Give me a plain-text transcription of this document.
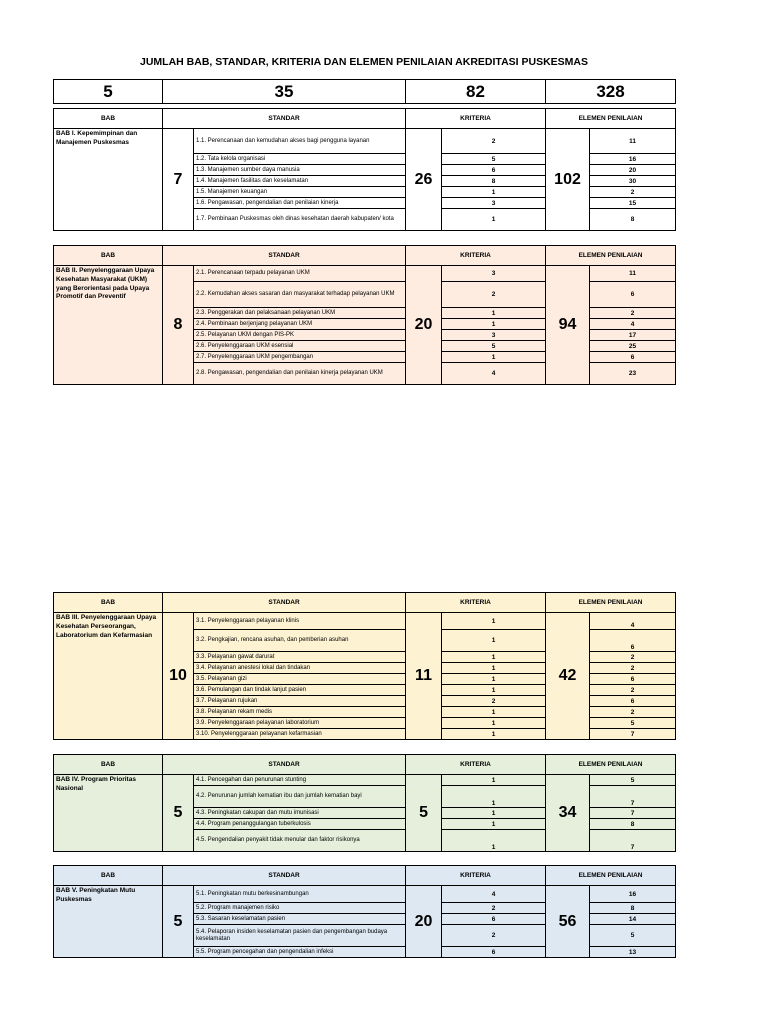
JUMLAH BAB, STANDAR, KRITERIA DAN ELEMEN PENILAIAN AKREDITASI PUSKESMAS
5	35	82	328
BAB	STANDAR		KRITERIA		ELEMEN PENILAIAN	
BAB I. Kepemimpinan dan Manajemen Puskesmas	7	1.1. Perencanaan dan kemudahan akses bagi pengguna layanan	26	2	102	11
		1.2. Tata kelola organisasi		5		16
		1.3. Manajemen sumber daya manusia		6		20
		1.4. Manajemen fasilitas dan keselamatan		8		30
		1.5. Manajemen keuangan		1		2
		1.6. Pengawasan, pengendalian dan penilaian kinerja		3		15
		1.7. Pembinaan Puskesmas oleh dinas kesehatan daerah kabupaten/ kota		1		8
BAB	STANDAR		KRITERIA		ELEMEN PENILAIAN	
BAB II. Penyelenggaraan Upaya Kesehatan Masyarakat (UKM) yang Berorientasi pada Upaya Promotif dan Preventif	8	2.1. Perencanaan terpadu pelayanan UKM	20	3	94	11
		2.2. Kemudahan akses sasaran dan masyarakat terhadap pelayanan UKM		2		6
		2.3. Penggerakan dan pelaksanaan pelayanan UKM		1		2
		2.4. Pembinaan berjenjang pelayanan UKM		1		4
		2.5. Pelayanan UKM dengan PIS-PK		3		17
		2.6. Penyelenggaraan UKM esensial		5		25
		2.7. Penyelenggaraan UKM pengembangan		1		6
		2.8. Pengawasan, pengendalian dan penilaian kinerja pelayanan UKM		4		23
BAB	STANDAR		KRITERIA		ELEMEN PENILAIAN	
BAB III. Penyelenggaraan Upaya Kesehatan Perseorangan, Laboratorium dan Kefarmasian	10	3.1. Penyelenggaraan pelayanan klinis	11	1	42	4
		3.2. Pengkajian, rencana asuhan, dan pemberian asuhan		1		6
		3.3. Pelayanan gawat darurat		1		2
		3.4. Pelayanan anestesi lokal dan tindakan		1		2
		3.5. Pelayanan gizi		1		6
		3.6. Pemulangan dan tindak lanjut pasien		1		2
		3.7. Pelayanan rujukan		2		6
		3.8. Pelayanan rekam medis		1		2
		3.9. Penyelenggaraan pelayanan laboratorium		1		5
		3.10. Penyelenggaraan pelayanan kefarmasian		1		7
BAB	STANDAR		KRITERIA		ELEMEN PENILAIAN	
BAB IV. Program Prioritas Nasional	5	4.1. Pencegahan dan penurunan stunting	5	1	34	5
		4.2. Penurunan jumlah kematian ibu dan jumlah kematian bayi		1		7
		4.3. Peningkatan cakupan dan mutu imunisasi		1		7
		4.4. Program penanggulangan tuberkulosis		1		8
		4.5. Pengendalian penyakit tidak menular dan faktor risikonya		1		7
BAB	STANDAR		KRITERIA		ELEMEN PENILAIAN	
BAB V. Peningkatan Mutu Puskesmas	5	5.1. Peningkatan mutu berkesinambungan	20	4	56	16
		5.2. Program manajemen risiko		2		8
		5.3. Sasaran keselamatan pasien		6		14
		5.4. Pelaporan insiden keselamatan pasien dan pengembangan budaya keselamatan		2		5
		5.5. Program pencegahan dan pengendalian infeksi		6		13
